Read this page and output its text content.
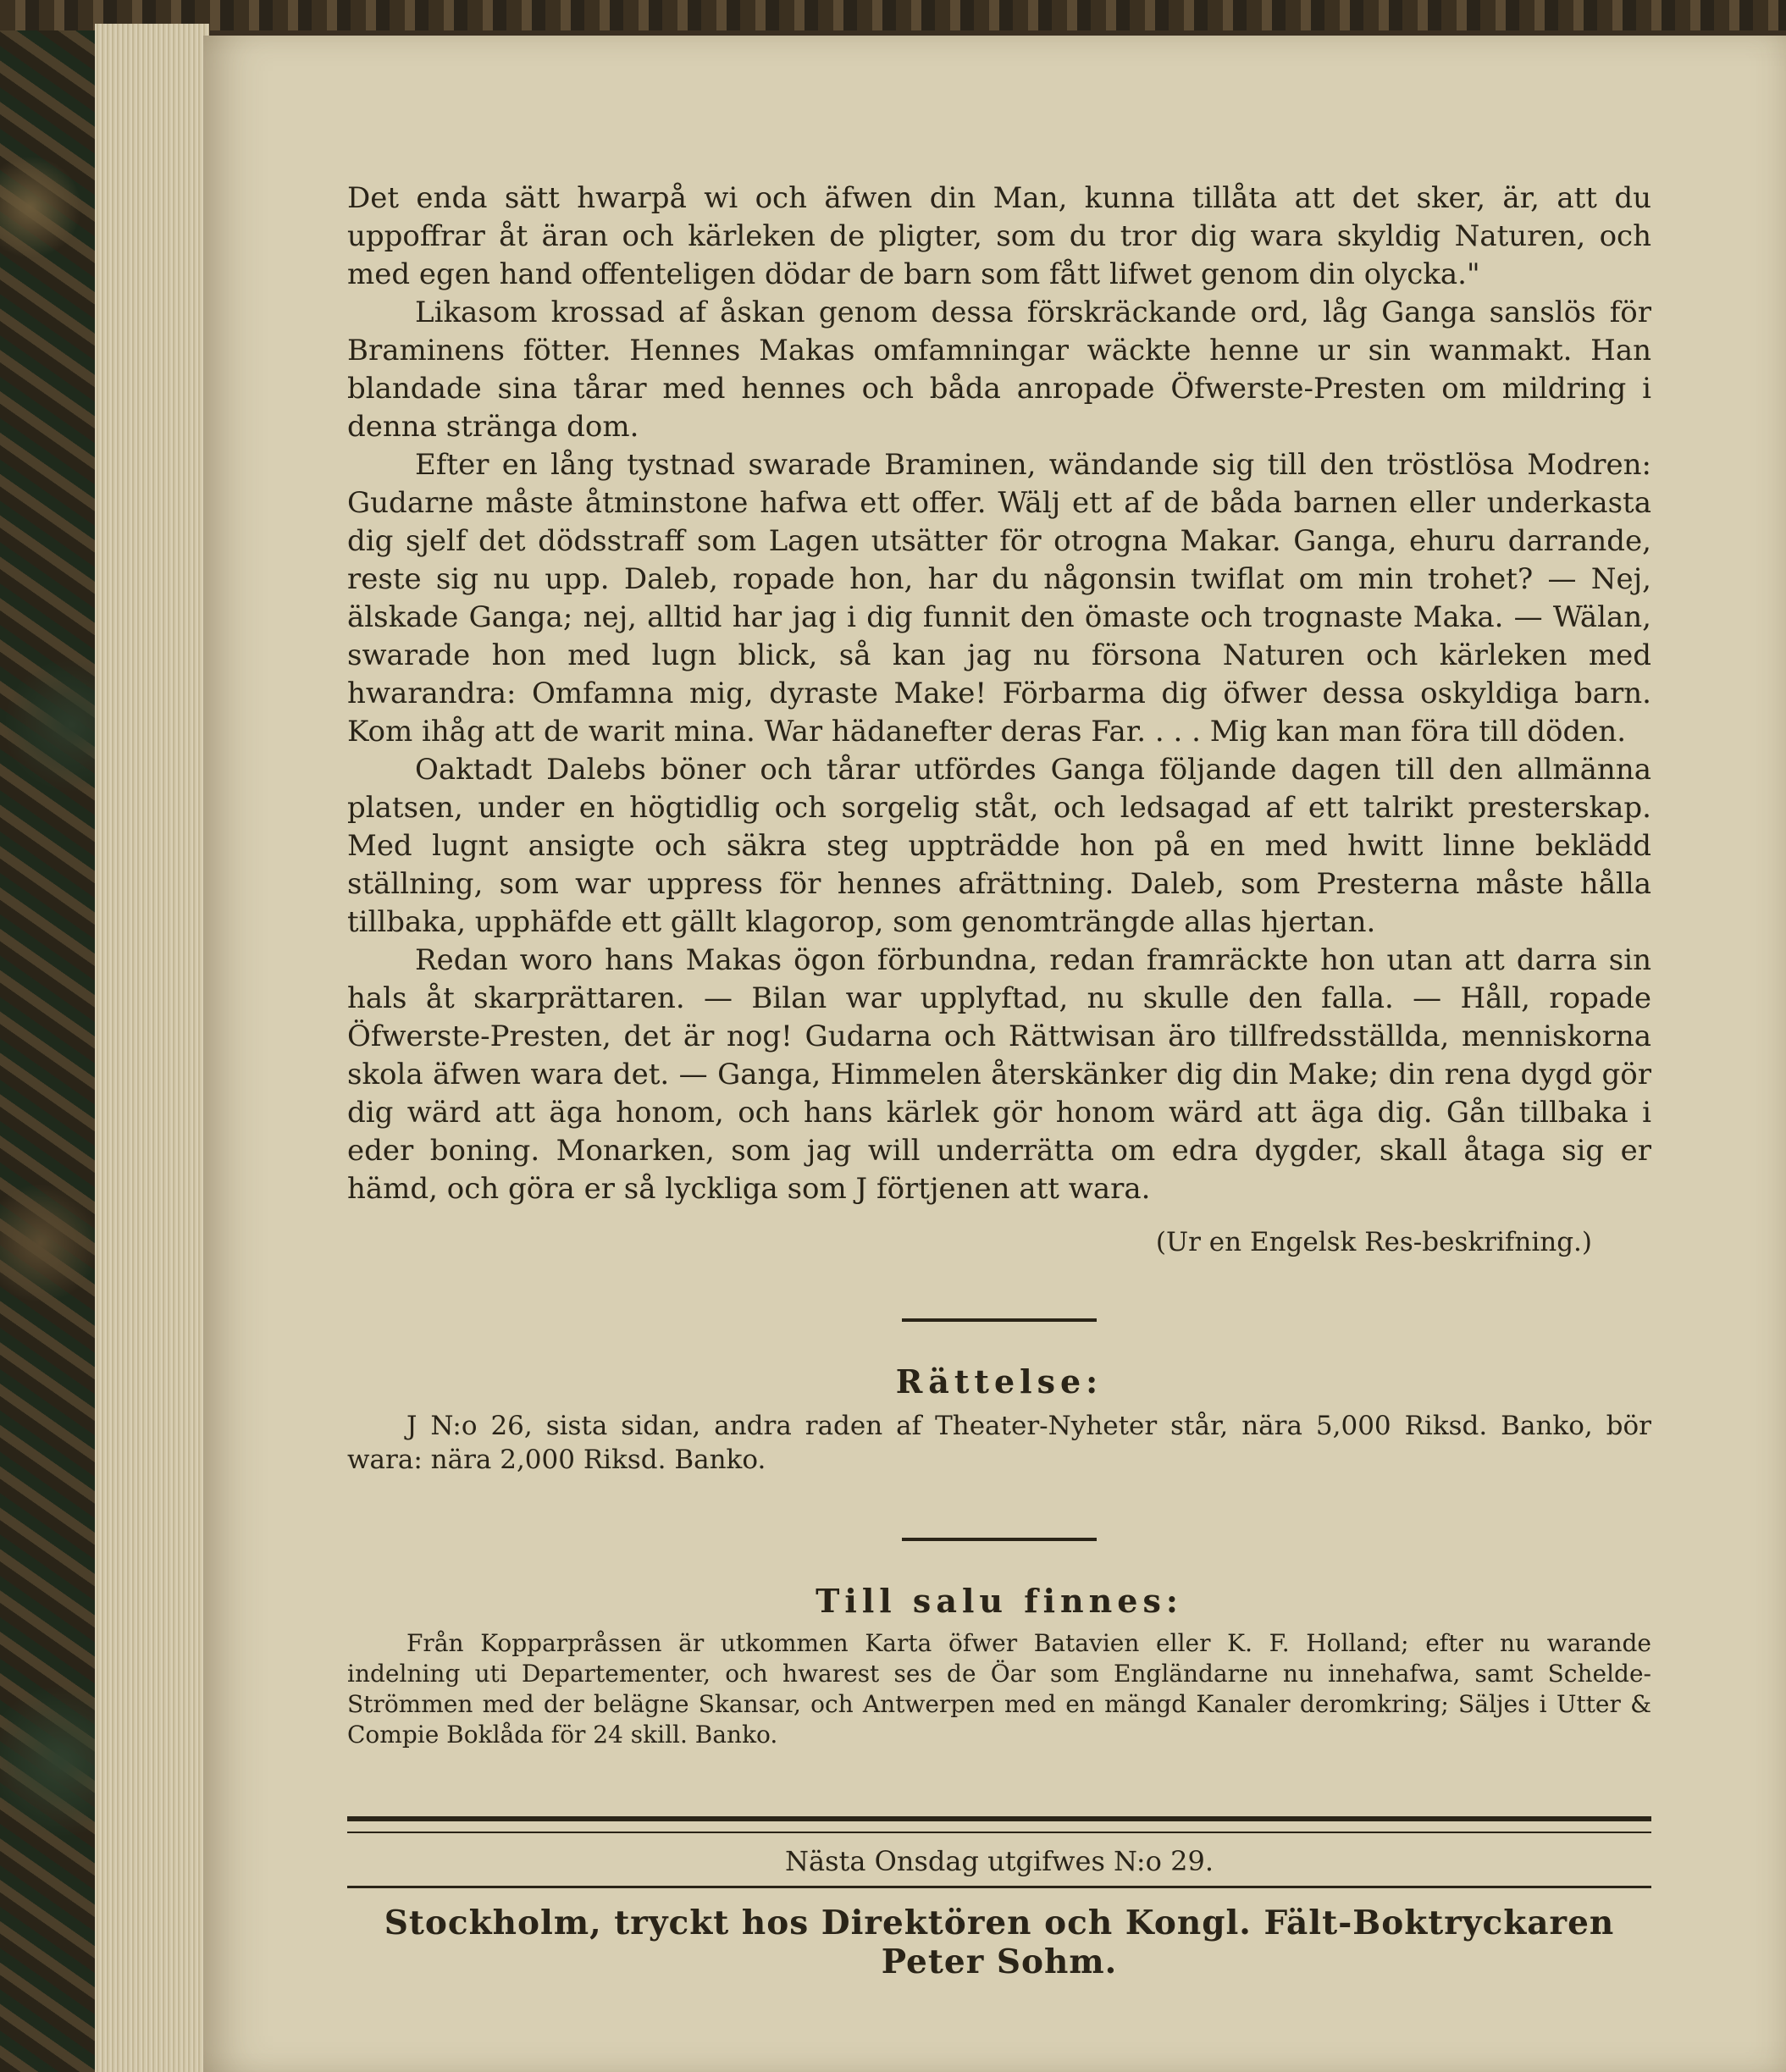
Det enda sätt hwarpå wi och äfwen din Man, kunna tillåta att det sker, är, att du uppoffrar åt äran och kärleken de pligter, som du tror dig wara skyldig Naturen, och med egen hand offenteligen dödar de barn som fått lifwet genom din olycka."

Likasom krossad af åskan genom dessa förskräckande ord, låg Ganga sanslös för Braminens fötter. Hennes Makas omfamningar wäckte henne ur sin wanmakt. Han blandade sina tårar med hennes och båda anropade Öfwerste-Presten om mildring i denna stränga dom.

Efter en lång tystnad swarade Braminen, wändande sig till den tröstlösa Modren: Gudarne måste åtminstone hafwa ett offer. Wälj ett af de båda barnen eller underkasta dig sjelf det dödsstraff som Lagen utsätter för otrogna Makar. Ganga, ehuru darrande, reste sig nu upp. Daleb, ropade hon, har du någonsin twiflat om min trohet? — Nej, älskade Ganga; nej, alltid har jag i dig funnit den ömaste och trognaste Maka. — Wälan, swarade hon med lugn blick, så kan jag nu försona Naturen och kärleken med hwarandra: Omfamna mig, dyraste Make! Förbarma dig öfwer dessa oskyldiga barn. Kom ihåg att de warit mina. War hädanefter deras Far. . . . Mig kan man föra till döden.

Oaktadt Dalebs böner och tårar utfördes Ganga följande dagen till den allmänna platsen, under en högtidlig och sorgelig ståt, och ledsagad af ett talrikt presterskap. Med lugnt ansigte och säkra steg uppträdde hon på en med hwitt linne beklädd ställning, som war uppress för hennes afrättning. Daleb, som Presterna måste hålla tillbaka, upphäfde ett gällt klagorop, som genomträngde allas hjertan.

Redan woro hans Makas ögon förbundna, redan framräckte hon utan att darra sin hals åt skarprättaren. — Bilan war upplyftad, nu skulle den falla. — Håll, ropade Öfwerste-Presten, det är nog! Gudarna och Rättwisan äro tillfredsställda, menniskorna skola äfwen wara det. — Ganga, Himmelen återskänker dig din Make; din rena dygd gör dig wärd att äga honom, och hans kärlek gör honom wärd att äga dig. Gån tillbaka i eder boning. Monarken, som jag will underrätta om edra dygder, skall åtaga sig er hämd, och göra er så lyckliga som J förtjenen att wara.

(Ur en Engelsk Res-beskrifning.)
Rättelse:

J N:o 26, sista sidan, andra raden af Theater-Nyheter står, nära 5,000 Riksd. Banko, bör wara: nära 2,000 Riksd. Banko.

Till salu finnes:

Från Kopparpråssen är utkommen Karta öfwer Batavien eller K. F. Holland; efter nu warande indelning uti Departementer, och hwarest ses de Öar som Engländarne nu innehafwa, samt Schelde-Strömmen med der belägne Skansar, och Antwerpen med en mängd Kanaler deromkring; Säljes i Utter & Compie Boklåda för 24 skill. Banko.

Nästa Onsdag utgifwes N:o 29.
Stockholm, tryckt hos Direktören och Kongl. Fält-Boktryckaren Peter Sohm.
